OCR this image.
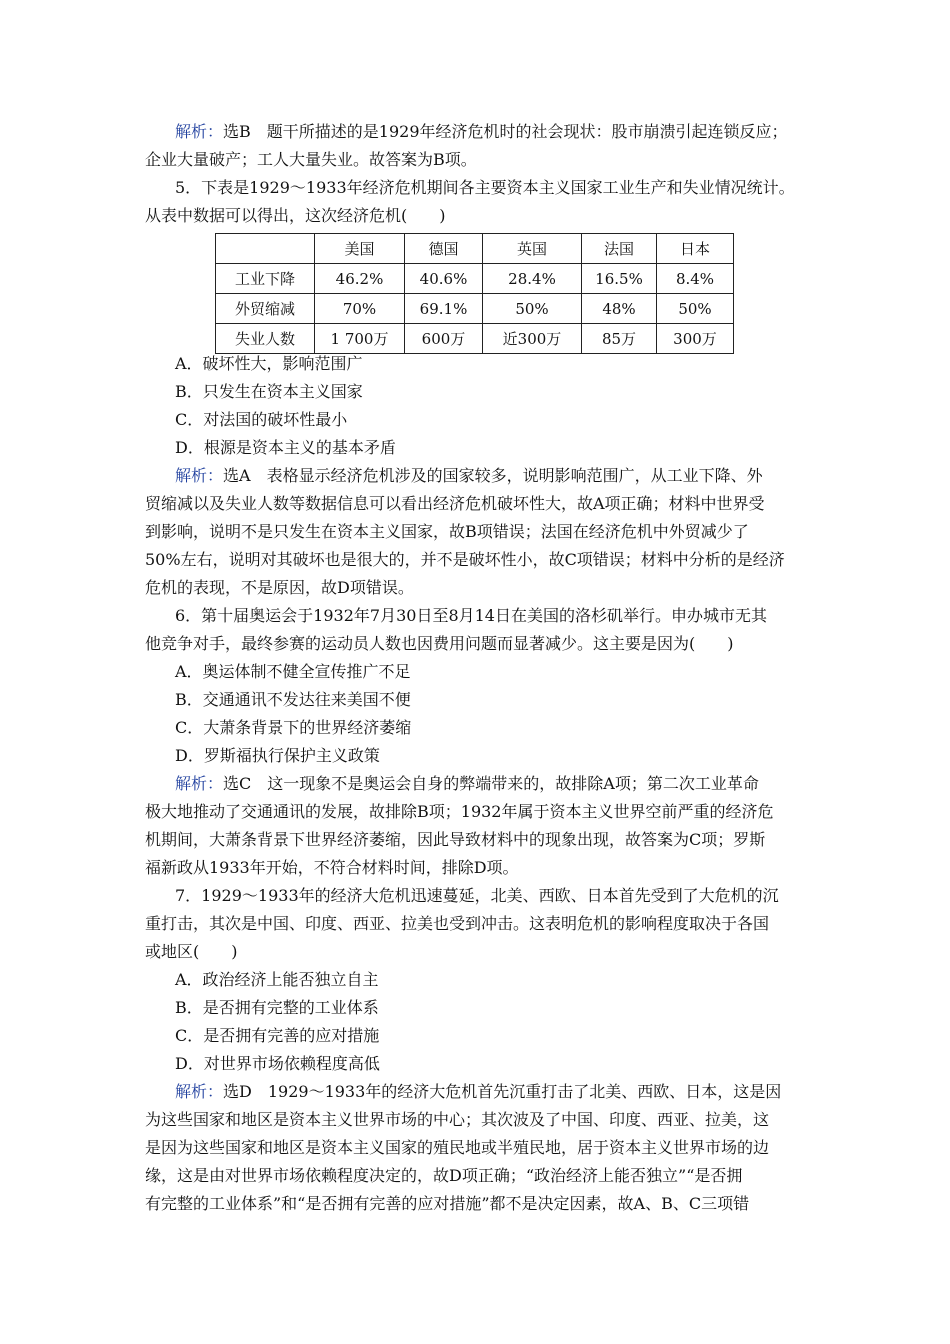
解析：选B　题干所描述的是1929年经济危机时的社会现状：股市崩溃引起连锁反应；
企业大量破产；工人大量失业。故答案为B项。
5．下表是1929～1933年经济危机期间各主要资本主义国家工业生产和失业情况统计。
从表中数据可以得出，这次经济危机(　　)
	美国	德国	英国	法国	日本
工业下降	46.2%	40.6%	28.4%	16.5%	8.4%
外贸缩减	70%	69.1%	50%	48%	50%
失业人数	1 700万	600万	近300万	85万	300万
A．破坏性大，影响范围广
B．只发生在资本主义国家
C．对法国的破坏性最小
D．根源是资本主义的基本矛盾
解析：选A　表格显示经济危机涉及的国家较多，说明影响范围广，从工业下降、外
贸缩减以及失业人数等数据信息可以看出经济危机破坏性大，故A项正确；材料中世界受
到影响，说明不是只发生在资本主义国家，故B项错误；法国在经济危机中外贸减少了
50%左右，说明对其破坏也是很大的，并不是破坏性小，故C项错误；材料中分析的是经济
危机的表现，不是原因，故D项错误。
6．第十届奥运会于1932年7月30日至8月14日在美国的洛杉矶举行。申办城市无其
他竞争对手，最终参赛的运动员人数也因费用问题而显著减少。这主要是因为(　　)
A．奥运体制不健全宣传推广不足
B．交通通讯不发达往来美国不便
C．大萧条背景下的世界经济萎缩
D．罗斯福执行保护主义政策
解析：选C　这一现象不是奥运会自身的弊端带来的，故排除A项；第二次工业革命
极大地推动了交通通讯的发展，故排除B项；1932年属于资本主义世界空前严重的经济危
机期间，大萧条背景下世界经济萎缩，因此导致材料中的现象出现，故答案为C项；罗斯
福新政从1933年开始，不符合材料时间，排除D项。
7．1929～1933年的经济大危机迅速蔓延，北美、西欧、日本首先受到了大危机的沉
重打击，其次是中国、印度、西亚、拉美也受到冲击。这表明危机的影响程度取决于各国
或地区(　　)
A．政治经济上能否独立自主
B．是否拥有完整的工业体系
C．是否拥有完善的应对措施
D．对世界市场依赖程度高低
解析：选D　1929～1933年的经济大危机首先沉重打击了北美、西欧、日本，这是因
为这些国家和地区是资本主义世界市场的中心；其次波及了中国、印度、西亚、拉美，这
是因为这些国家和地区是资本主义国家的殖民地或半殖民地，居于资本主义世界市场的边
缘，这是由对世界市场依赖程度决定的，故D项正确；“政治经济上能否独立”“是否拥
有完整的工业体系”和“是否拥有完善的应对措施”都不是决定因素，故A、B、C三项错
